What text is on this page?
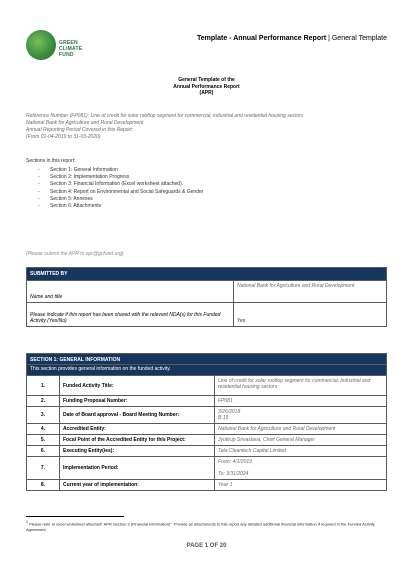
GREEN
CLIMATE
FUND
Template - Annual Performance Report | General Template
General Template of the
Annual Performance Report
(APR)
Reference Number (FP081): Line of credit for solar rooftop segment for commercial, industrial and residential housing sectors
National Bank for Agriculture and Rural Development
Annual Reporting Period Covered in this Report:
(From 01-04-2019 to 31-03-2020)
Sections in this report:
- Section 1: General Information
- Section 2: Implementation Progress
- Section 3: Financial Information (Excel worksheet attached).
- Section 4: Report on Environmental and Social Safeguards & Gender
- Section 5: Annexes
- Section 6: Attachments
(Please submit the APR to apr@gcfund.org)
SUBMITTED BY	
Name and title	National Bank for Agriculture and Rural Development
Please indicate if this report has been shared with the relevant NDA(s) for this Funded Activity (Yes/No)	Yes
SECTION 1: GENERAL INFORMATION		
This section provides general information on the funded activity.		
1.	Funded Activity Title:	Line of credit for solar rooftop segment for commercial, industrial and residential housing sectors
2.	Funding Proposal Number:	FP081
3.	Date of Board approval - Board Meeting Number:	3/26/2018
B.19
4.	Accredited Entity:	National Bank for Agriculture and Rural Development
5.	Focal Point of the Accredited Entity for this Project:	Jyotirup Srivastava, Chief General Manager
6.	Executing Entity(ies):	Tata Cleantech Capital Limited
7.	Implementation Period:	From: 4/1/2019

To: 3/31/2024
8.	Current year of implementation:	Year 1
$^1$ Please refer to excel worksheet attached" APR Section 3 (Financial information)". Provide as attachments to this report any detailed additional financial information if required in the Funded Activity Agreement.
PAGE 1 OF 20
